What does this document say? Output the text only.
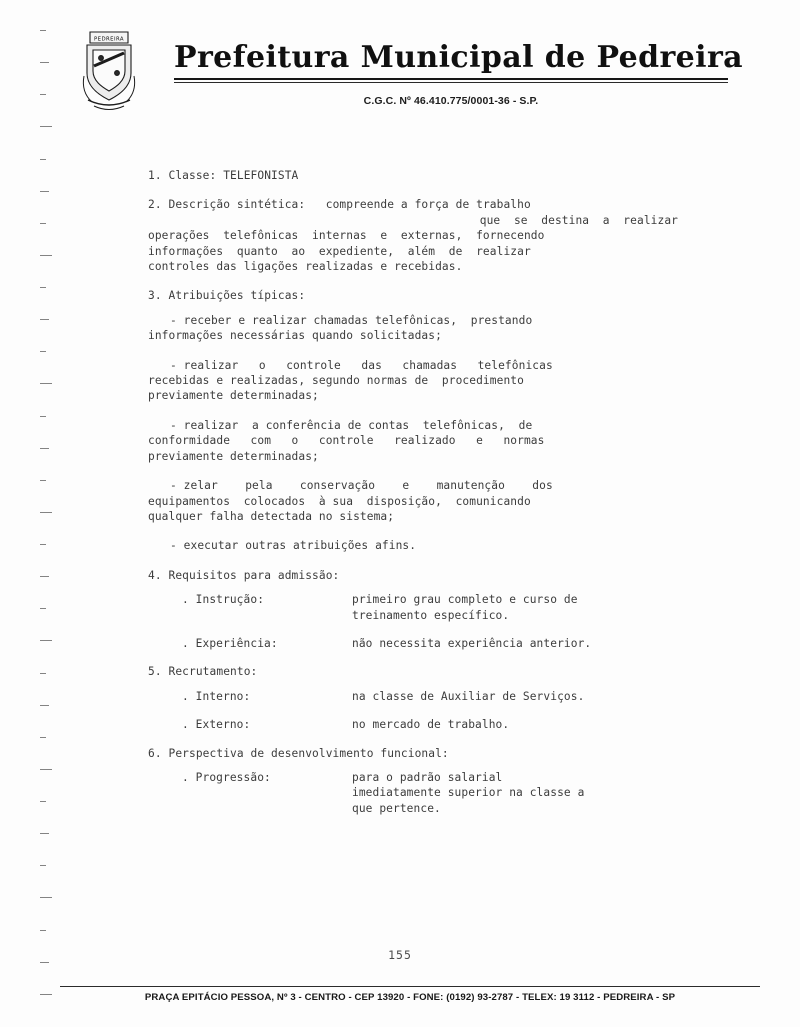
PEDREIRA
Prefeitura Municipal de Pedreira
C.G.C. Nº 46.410.775/0001-36 - S.P.
1. Classe: TELEFONISTA
2. Descrição sintética: compreende a força de trabalho
que  se  destina  a  realizar
operações  telefônicas  internas  e  externas,  fornecendo
informações  quanto  ao  expediente,  além  de  realizar
controles das ligações realizadas e recebidas.
3. Atribuições típicas:
- receber e realizar chamadas telefônicas,  prestando
informações necessárias quando solicitadas;
- realizar   o   controle   das   chamadas   telefônicas
recebidas e realizadas, segundo normas de  procedimento
previamente determinadas;
- realizar  a conferência de contas  telefônicas,  de
conformidade   com   o   controle   realizado   e   normas
previamente determinadas;
- zelar    pela    conservação    e    manutenção    dos
equipamentos  colocados  à sua  disposição,  comunicando
qualquer falha detectada no sistema;
- executar outras atribuições afins.
4. Requisitos para admissão:
. Instrução:	primeiro grau completo e curso de
treinamento específico.
. Experiência:	não necessita experiência anterior.
5. Recrutamento:
. Interno:	na classe de Auxiliar de Serviços.
. Externo:	no mercado de trabalho.
6. Perspectiva de desenvolvimento funcional:
. Progressão:	para o padrão salarial
imediatamente superior na classe a
que pertence.
155
PRAÇA EPITÁCIO PESSOA, Nº 3 - CENTRO - CEP 13920 - FONE: (0192) 93-2787 - TELEX: 19 3112 - PEDREIRA - SP
